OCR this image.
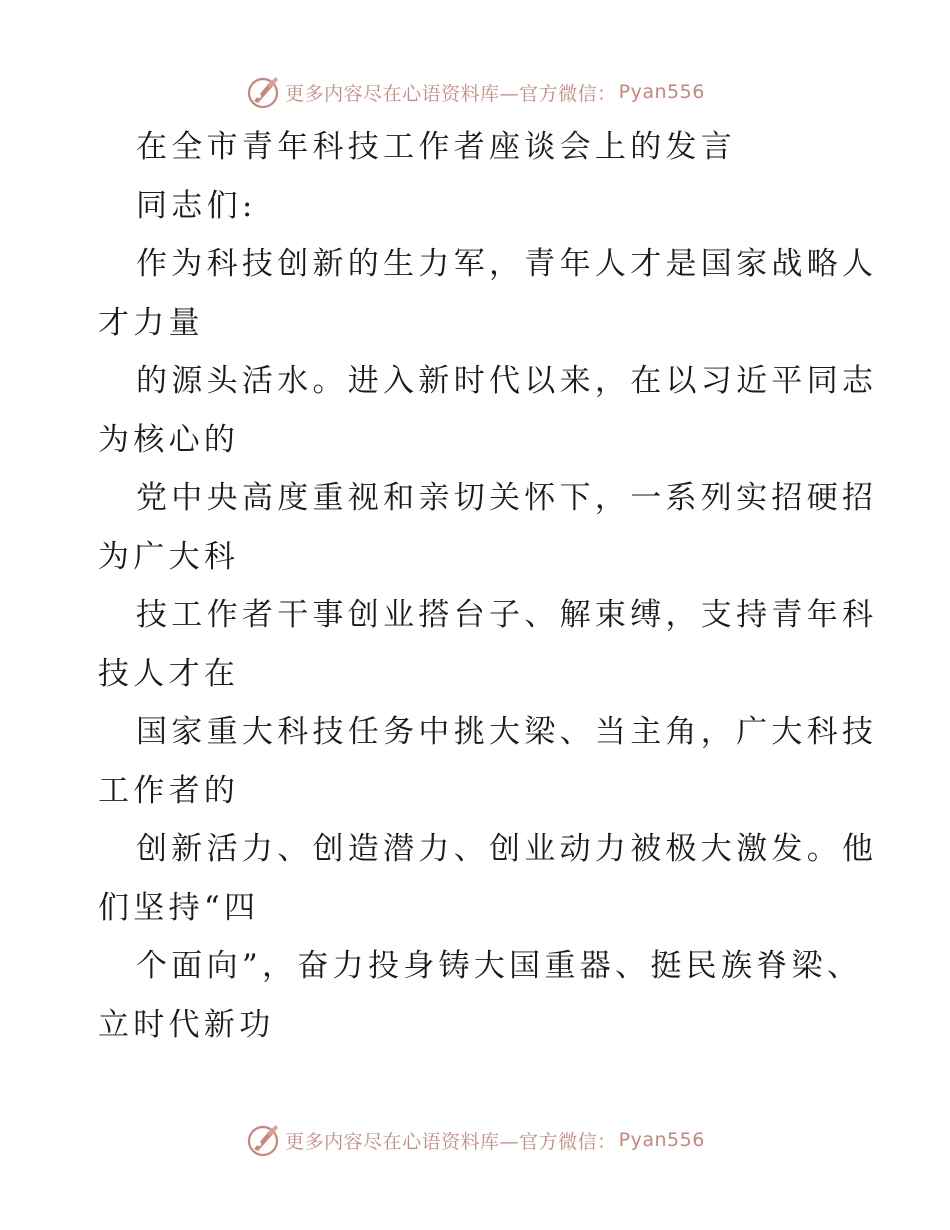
更多内容尽在心语资料库—官方微信： Pyan556
在全市青年科技工作者座谈会上的发言
同志们:
作为科技创新的生力军，青年人才是国家战略人
才力量
的源头活水。进入新时代以来，在以习近平同志
为核心的
党中央高度重视和亲切关怀下，一系列实招硬招
为广大科
技工作者干事创业搭台子、解束缚，支持青年科
技人才在
国家重大科技任务中挑大梁、当主角，广大科技
工作者的
创新活力、创造潜力、创业动力被极大激发。他
们坚持“四
个面向”，奋力投身铸大国重器、挺民族脊梁、
立时代新功
更多内容尽在心语资料库—官方微信： Pyan556
